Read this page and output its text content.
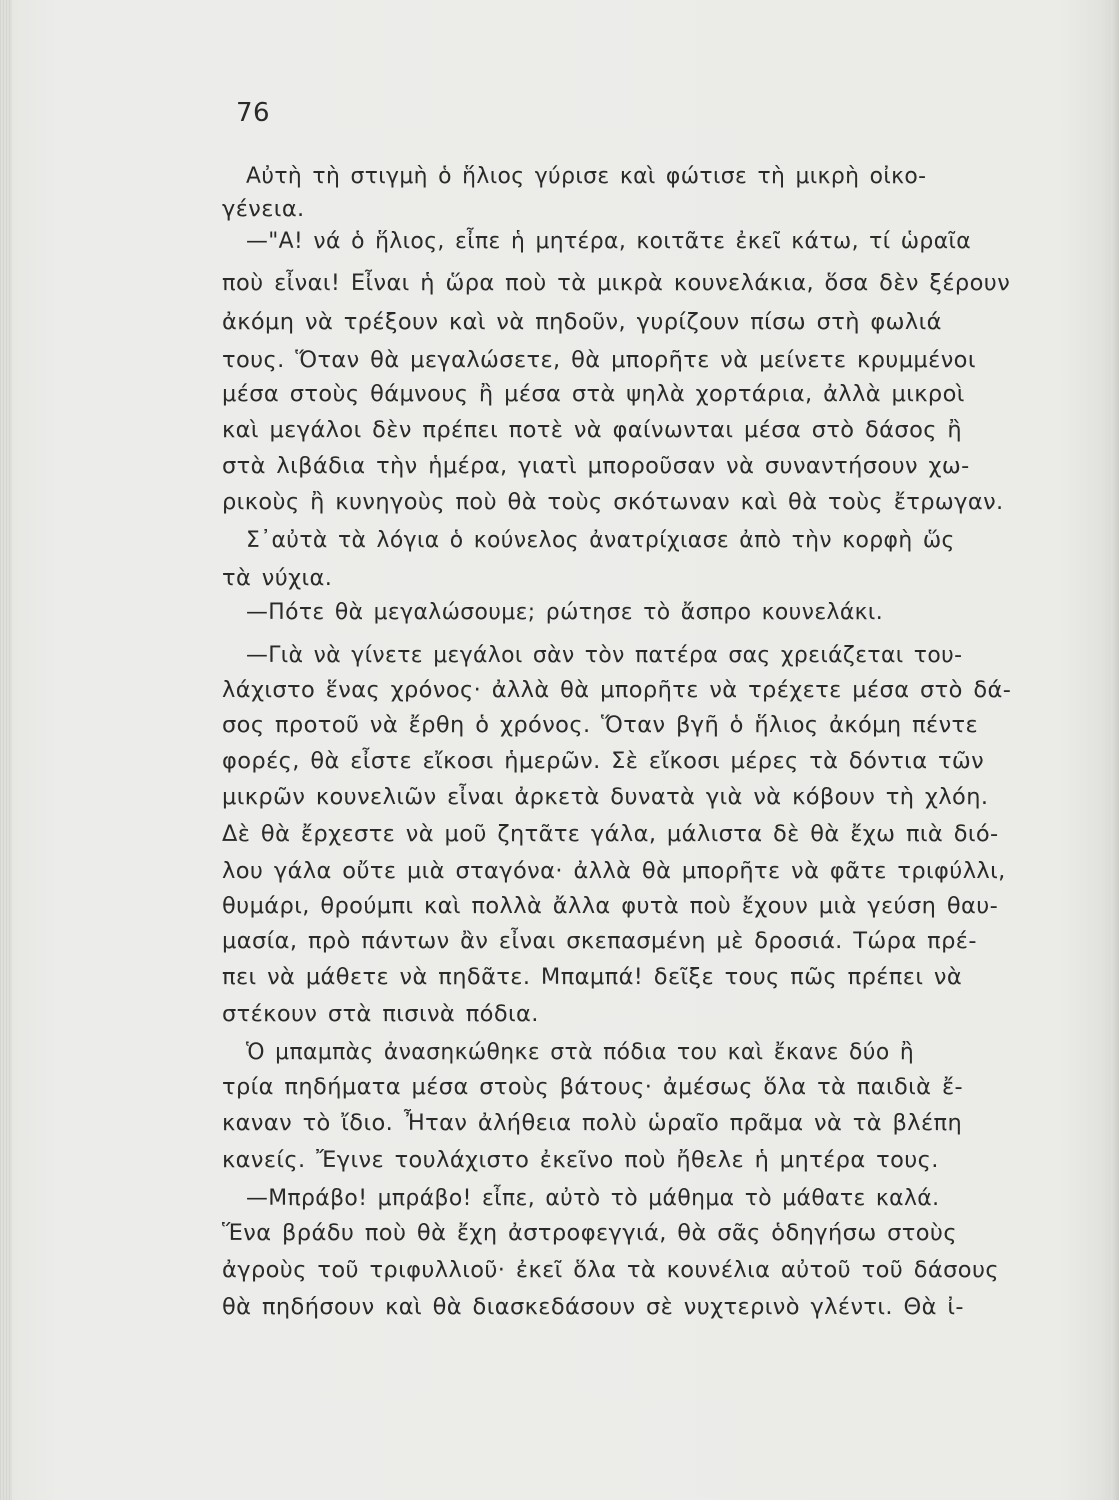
76
Αὐτὴ τὴ στιγμὴ ὁ ἥλιος γύρισε καὶ φώτισε τὴ μικρὴ οἰκο-
γένεια.
—"Α! νά ὁ ἥλιος, εἶπε ἡ μητέρα, κοιτᾶτε ἐκεῖ κάτω, τί ὡραῖα
ποὺ εἶναι! Εἶναι ἡ ὥρα ποὺ τὰ μικρὰ κουνελάκια, ὅσα δὲν ξέρουν
ἀκόμη νὰ τρέξουν καὶ νὰ πηδοῦν, γυρίζουν πίσω στὴ φωλιά
τους. Ὅταν θὰ μεγαλώσετε, θὰ μπορῆτε νὰ μείνετε κρυμμένοι
μέσα στοὺς θάμνους ἢ μέσα στὰ ψηλὰ χορτάρια, ἀλλὰ μικροὶ
καὶ μεγάλοι δὲν πρέπει ποτὲ νὰ φαίνωνται μέσα στὸ δάσος ἢ
στὰ λιβάδια τὴν ἡμέρα, γιατὶ μποροῦσαν νὰ συναντήσουν χω-
ρικοὺς ἢ κυνηγοὺς ποὺ θὰ τοὺς σκότωναν καὶ θὰ τοὺς ἔτρωγαν.
Σ᾽αὐτὰ τὰ λόγια ὁ κούνελος ἀνατρίχιασε ἀπὸ τὴν κορφὴ ὥς
τὰ νύχια.
—Πότε θὰ μεγαλώσουμε; ρώτησε τὸ ἄσπρο κουνελάκι.
—Γιὰ νὰ γίνετε μεγάλοι σὰν τὸν πατέρα σας χρειάζεται του-
λάχιστο ἕνας χρόνος· ἀλλὰ θὰ μπορῆτε νὰ τρέχετε μέσα στὸ δά-
σος προτοῦ νὰ ἔρθη ὁ χρόνος. Ὅταν βγῆ ὁ ἥλιος ἀκόμη πέντε
φορές, θὰ εἶστε εἴκοσι ἡμερῶν. Σὲ εἴκοσι μέρες τὰ δόντια τῶν
μικρῶν κουνελιῶν εἶναι ἀρκετὰ δυνατὰ γιὰ νὰ κόβουν τὴ χλόη.
Δὲ θὰ ἔρχεστε νὰ μοῦ ζητᾶτε γάλα, μάλιστα δὲ θὰ ἔχω πιὰ διό-
λου γάλα οὔτε μιὰ σταγόνα· ἀλλὰ θὰ μπορῆτε νὰ φᾶτε τριφύλλι,
θυμάρι, θρούμπι καὶ πολλὰ ἄλλα φυτὰ ποὺ ἔχουν μιὰ γεύση θαυ-
μασία, πρὸ πάντων ἂν εἶναι σκεπασμένη μὲ δροσιά. Τώρα πρέ-
πει νὰ μάθετε νὰ πηδᾶτε. Μπαμπά! δεῖξε τους πῶς πρέπει νὰ
στέκουν στὰ πισινὰ πόδια.
Ὁ μπαμπὰς ἀνασηκώθηκε στὰ πόδια του καὶ ἔκανε δύο ἢ
τρία πηδήματα μέσα στοὺς βάτους· ἀμέσως ὅλα τὰ παιδιὰ ἔ-
καναν τὸ ἴδιο. Ἦταν ἀλήθεια πολὺ ὡραῖο πρᾶμα νὰ τὰ βλέπη
κανείς. Ἔγινε τουλάχιστο ἐκεῖνο ποὺ ἤθελε ἡ μητέρα τους.
—Μπράβο! μπράβο! εἶπε, αὐτὸ τὸ μάθημα τὸ μάθατε καλά.
Ἕνα βράδυ ποὺ θὰ ἔχη ἀστροφεγγιά, θὰ σᾶς ὁδηγήσω στοὺς
ἀγροὺς τοῦ τριφυλλιοῦ· ἐκεῖ ὅλα τὰ κουνέλια αὐτοῦ τοῦ δάσους
θὰ πηδήσουν καὶ θὰ διασκεδάσουν σὲ νυχτερινὸ γλέντι. Θὰ ἰ-
